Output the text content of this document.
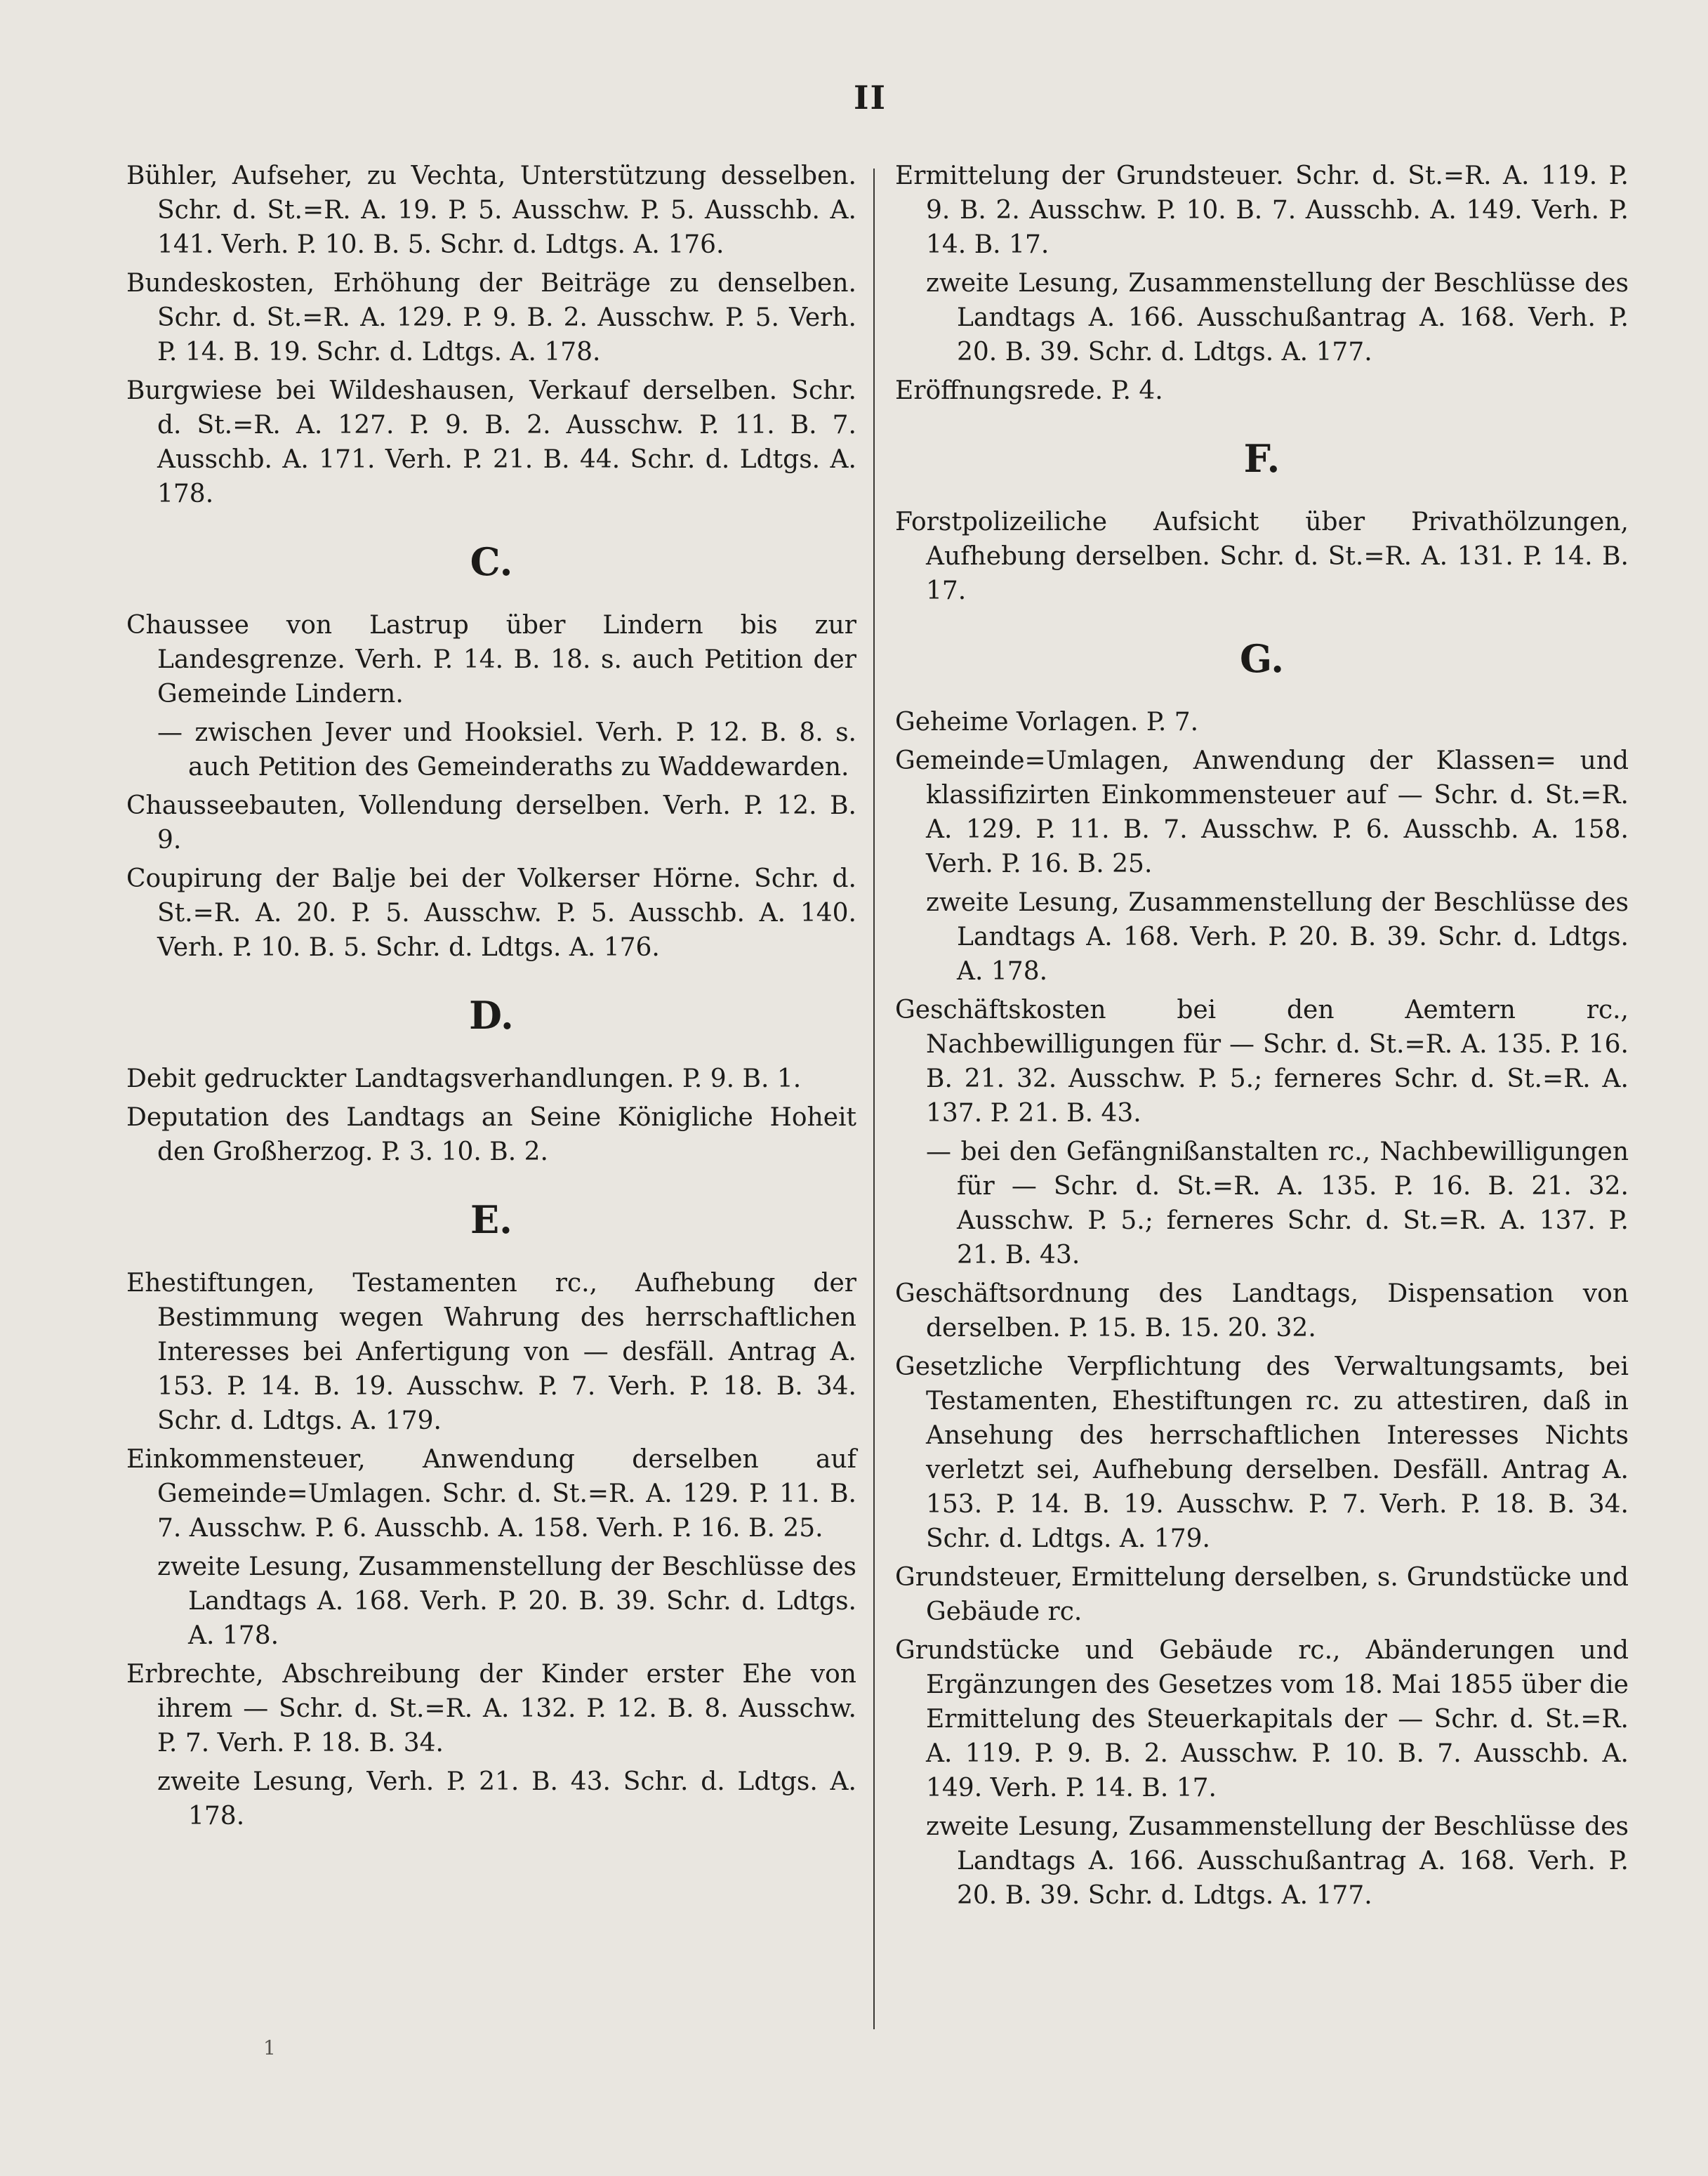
II

Bühler, Aufseher, zu Vechta, Unterstützung desselben. Schr. d. St.=R. A. 19. P. 5. Ausschw. P. 5. Ausschb. A. 141. Verh. P. 10. B. 5. Schr. d. Ldtgs. A. 176.

Bundeskosten, Erhöhung der Beiträge zu denselben. Schr. d. St.=R. A. 129. P. 9. B. 2. Ausschw. P. 5. Verh. P. 14. B. 19. Schr. d. Ldtgs. A. 178.

Burgwiese bei Wildeshausen, Verkauf derselben. Schr. d. St.=R. A. 127. P. 9. B. 2. Ausschw. P. 11. B. 7. Ausschb. A. 171. Verh. P. 21. B. 44. Schr. d. Ldtgs. A. 178.

C.

Chaussee von Lastrup über Lindern bis zur Landesgrenze. Verh. P. 14. B. 18. s. auch Petition der Gemeinde Lindern.

— zwischen Jever und Hooksiel. Verh. P. 12. B. 8. s. auch Petition des Gemeinderaths zu Waddewarden.

Chausseebauten, Vollendung derselben. Verh. P. 12. B. 9.

Coupirung der Balje bei der Volkerser Hörne. Schr. d. St.=R. A. 20. P. 5. Ausschw. P. 5. Ausschb. A. 140. Verh. P. 10. B. 5. Schr. d. Ldtgs. A. 176.

D.

Debit gedruckter Landtagsverhandlungen. P. 9. B. 1.

Deputation des Landtags an Seine Königliche Hoheit den Großherzog. P. 3. 10. B. 2.

E.

Ehestiftungen, Testamenten rc., Aufhebung der Bestimmung wegen Wahrung des herrschaftlichen Interesses bei Anfertigung von — desfäll. Antrag A. 153. P. 14. B. 19. Ausschw. P. 7. Verh. P. 18. B. 34. Schr. d. Ldtgs. A. 179.

Einkommensteuer, Anwendung derselben auf Gemeinde=Umlagen. Schr. d. St.=R. A. 129. P. 11. B. 7. Ausschw. P. 6. Ausschb. A. 158. Verh. P. 16. B. 25.

zweite Lesung, Zusammenstellung der Beschlüsse des Landtags A. 168. Verh. P. 20. B. 39. Schr. d. Ldtgs. A. 178.

Erbrechte, Abschreibung der Kinder erster Ehe von ihrem — Schr. d. St.=R. A. 132. P. 12. B. 8. Ausschw. P. 7. Verh. P. 18. B. 34.

zweite Lesung, Verh. P. 21. B. 43. Schr. d. Ldtgs. A. 178.

Ermittelung der Grundsteuer. Schr. d. St.=R. A. 119. P. 9. B. 2. Ausschw. P. 10. B. 7. Ausschb. A. 149. Verh. P. 14. B. 17.

zweite Lesung, Zusammenstellung der Beschlüsse des Landtags A. 166. Ausschußantrag A. 168. Verh. P. 20. B. 39. Schr. d. Ldtgs. A. 177.

Eröffnungsrede. P. 4.

F.

Forstpolizeiliche Aufsicht über Privathölzungen, Aufhebung derselben. Schr. d. St.=R. A. 131. P. 14. B. 17.

G.

Geheime Vorlagen. P. 7.

Gemeinde=Umlagen, Anwendung der Klassen= und klassifizirten Einkommensteuer auf — Schr. d. St.=R. A. 129. P. 11. B. 7. Ausschw. P. 6. Ausschb. A. 158. Verh. P. 16. B. 25.

zweite Lesung, Zusammenstellung der Beschlüsse des Landtags A. 168. Verh. P. 20. B. 39. Schr. d. Ldtgs. A. 178.

Geschäftskosten bei den Aemtern rc., Nachbewilligungen für — Schr. d. St.=R. A. 135. P. 16. B. 21. 32. Ausschw. P. 5.; ferneres Schr. d. St.=R. A. 137. P. 21. B. 43.

— bei den Gefängnißanstalten rc., Nachbewilligungen für — Schr. d. St.=R. A. 135. P. 16. B. 21. 32. Ausschw. P. 5.; ferneres Schr. d. St.=R. A. 137. P. 21. B. 43.

Geschäftsordnung des Landtags, Dispensation von derselben. P. 15. B. 15. 20. 32.

Gesetzliche Verpflichtung des Verwaltungsamts, bei Testamenten, Ehestiftungen rc. zu attestiren, daß in Ansehung des herrschaftlichen Interesses Nichts verletzt sei, Aufhebung derselben. Desfäll. Antrag A. 153. P. 14. B. 19. Ausschw. P. 7. Verh. P. 18. B. 34. Schr. d. Ldtgs. A. 179.

Grundsteuer, Ermittelung derselben, s. Grundstücke und Gebäude rc.

Grundstücke und Gebäude rc., Abänderungen und Ergänzungen des Gesetzes vom 18. Mai 1855 über die Ermittelung des Steuerkapitals der — Schr. d. St.=R. A. 119. P. 9. B. 2. Ausschw. P. 10. B. 7. Ausschb. A. 149. Verh. P. 14. B. 17.

zweite Lesung, Zusammenstellung der Beschlüsse des Landtags A. 166. Ausschußantrag A. 168. Verh. P. 20. B. 39. Schr. d. Ldtgs. A. 177.

1
